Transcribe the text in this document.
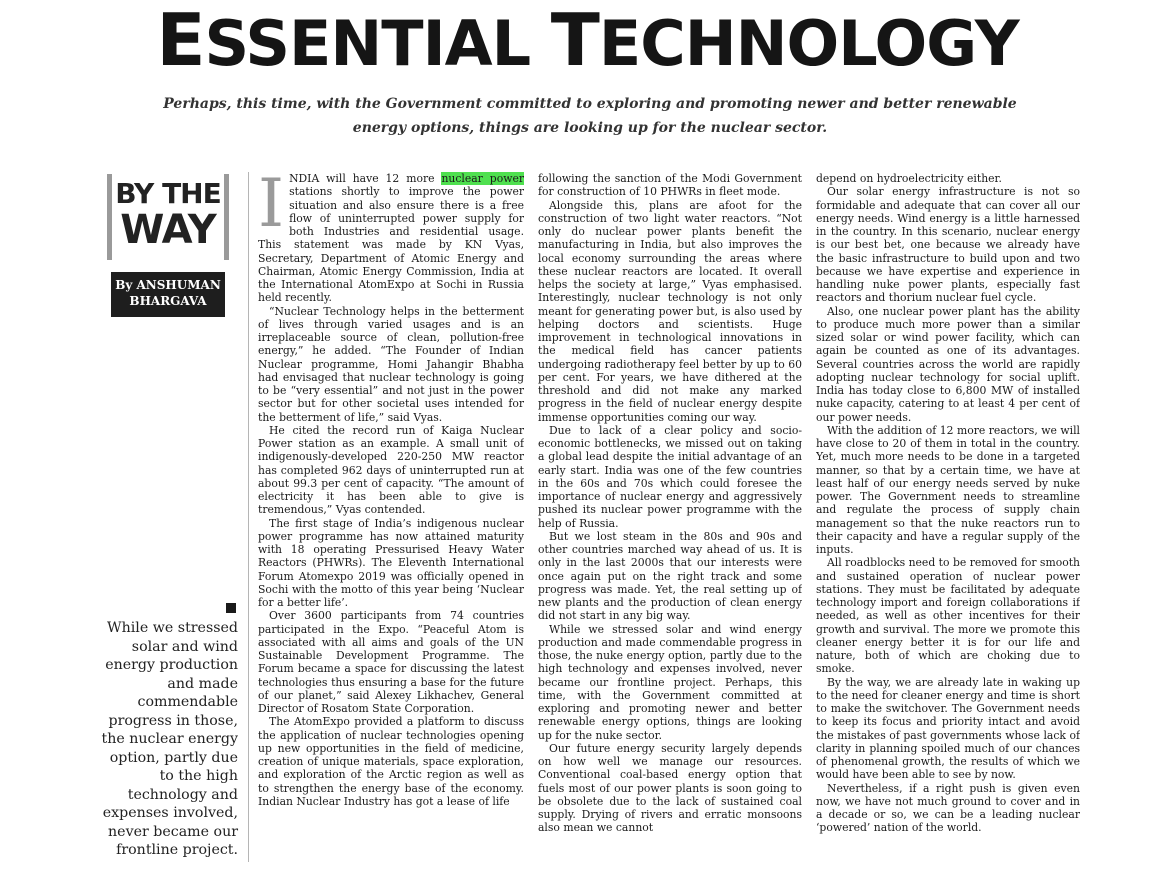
ESSENTIAL TECHNOLOGY
Perhaps, this time, with the Government committed to exploring and promoting newer and better renewable energy options, things are looking up for the nuclear sector.
BY THE
WAY
By ANSHUMAN
BHARGAVA
While we stressed solar and wind energy production and made commendable progress in those, the nuclear energy option, partly due to the high technology and expenses involved, never became our frontline project.

INDIA will have 12 more nuclear power stations shortly to improve the power situation and also ensure there is a free flow of uninterrupted power supply for both Industries and residential usage. This statement was made by KN Vyas, Secretary, Department of Atomic Energy and Chairman, Atomic Energy Commission, India at the International AtomExpo at Sochi in Russia held recently.

“Nuclear Technology helps in the betterment of lives through varied usages and is an irreplaceable source of clean, pollution-free energy,” he added. “The Founder of Indian Nuclear programme, Homi Jahangir Bhabha had envisaged that nuclear technology is going to be “very essential” and not just in the power sector but for other societal uses intended for the betterment of life,” said Vyas.

He cited the record run of Kaiga Nuclear Power station as an example. A small unit of indigenously-developed 220-250 MW reactor has completed 962 days of uninterrupted run at about 99.3 per cent of capacity. “The amount of electricity it has been able to give is tremendous,” Vyas contended.

The first stage of India’s indigenous nuclear power programme has now attained maturity with 18 operating Pressurised Heavy Water Reactors (PHWRs). The Eleventh International Forum Atomexpo 2019 was officially opened in Sochi with the motto of this year being ‘Nuclear for a better life’.

Over 3600 participants from 74 countries participated in the Expo. “Peaceful Atom is associated with all aims and goals of the UN Sustainable Development Programme. The Forum became a space for discussing the latest technologies thus ensuring a base for the future of our planet,” said Alexey Likhachev, General Director of Rosatom State Corporation.

The AtomExpo provided a platform to discuss the application of nuclear technologies opening up new opportunities in the field of medicine, creation of unique materials, space exploration, and exploration of the Arctic region as well as to strengthen the energy base of the economy. Indian Nuclear Industry has got a lease of life

following the sanction of the Modi Government for construction of 10 PHWRs in fleet mode.

Alongside this, plans are afoot for the construction of two light water reactors. “Not only do nuclear power plants benefit the manufacturing in India, but also improves the local economy surrounding the areas where these nuclear reactors are located. It overall helps the society at large,” Vyas emphasised. Interestingly, nuclear technology is not only meant for generating power but, is also used by helping doctors and scientists. Huge improvement in technological innovations in the medical field has cancer patients undergoing radiotherapy feel better by up to 60 per cent. For years, we have dithered at the threshold and did not make any marked progress in the field of nuclear energy despite immense opportunities coming our way.

Due to lack of a clear policy and socio-economic bottlenecks, we missed out on taking a global lead despite the initial advantage of an early start. India was one of the few countries in the 60s and 70s which could foresee the importance of nuclear energy and aggressively pushed its nuclear power programme with the help of Russia.

But we lost steam in the 80s and 90s and other countries marched way ahead of us. It is only in the last 2000s that our interests were once again put on the right track and some progress was made. Yet, the real setting up of new plants and the production of clean energy did not start in any big way.

While we stressed solar and wind energy production and made commendable progress in those, the nuke energy option, partly due to the high technology and expenses involved, never became our frontline project. Perhaps, this time, with the Government committed at exploring and promoting newer and better renewable energy options, things are looking up for the nuke sector.

Our future energy security largely depends on how well we manage our resources. Conventional coal-based energy option that fuels most of our power plants is soon going to be obsolete due to the lack of sustained coal supply. Drying of rivers and erratic monsoons also mean we cannot

depend on hydroelectricity either.

Our solar energy infrastructure is not so formidable and adequate that can cover all our energy needs. Wind energy is a little harnessed in the country. In this scenario, nuclear energy is our best bet, one because we already have the basic infrastructure to build upon and two because we have expertise and experience in handling nuke power plants, especially fast reactors and thorium nuclear fuel cycle.

Also, one nuclear power plant has the ability to produce much more power than a similar sized solar or wind power facility, which can again be counted as one of its advantages. Several countries across the world are rapidly adopting nuclear technology for social uplift. India has today close to 6,800 MW of installed nuke capacity, catering to at least 4 per cent of our power needs.

With the addition of 12 more reactors, we will have close to 20 of them in total in the country. Yet, much more needs to be done in a targeted manner, so that by a certain time, we have at least half of our energy needs served by nuke power. The Government needs to streamline and regulate the process of supply chain management so that the nuke reactors run to their capacity and have a regular supply of the inputs.

All roadblocks need to be removed for smooth and sustained operation of nuclear power stations. They must be facilitated by adequate technology import and foreign collaborations if needed, as well as other incentives for their growth and survival. The more we promote this cleaner energy better it is for our life and nature, both of which are choking due to smoke.

By the way, we are already late in waking up to the need for cleaner energy and time is short to make the switchover. The Government needs to keep its focus and priority intact and avoid the mistakes of past governments whose lack of clarity in planning spoiled much of our chances of phenomenal growth, the results of which we would have been able to see by now.

Nevertheless, if a right push is given even now, we have not much ground to cover and in a decade or so, we can be a leading nuclear ‘powered’ nation of the world.
